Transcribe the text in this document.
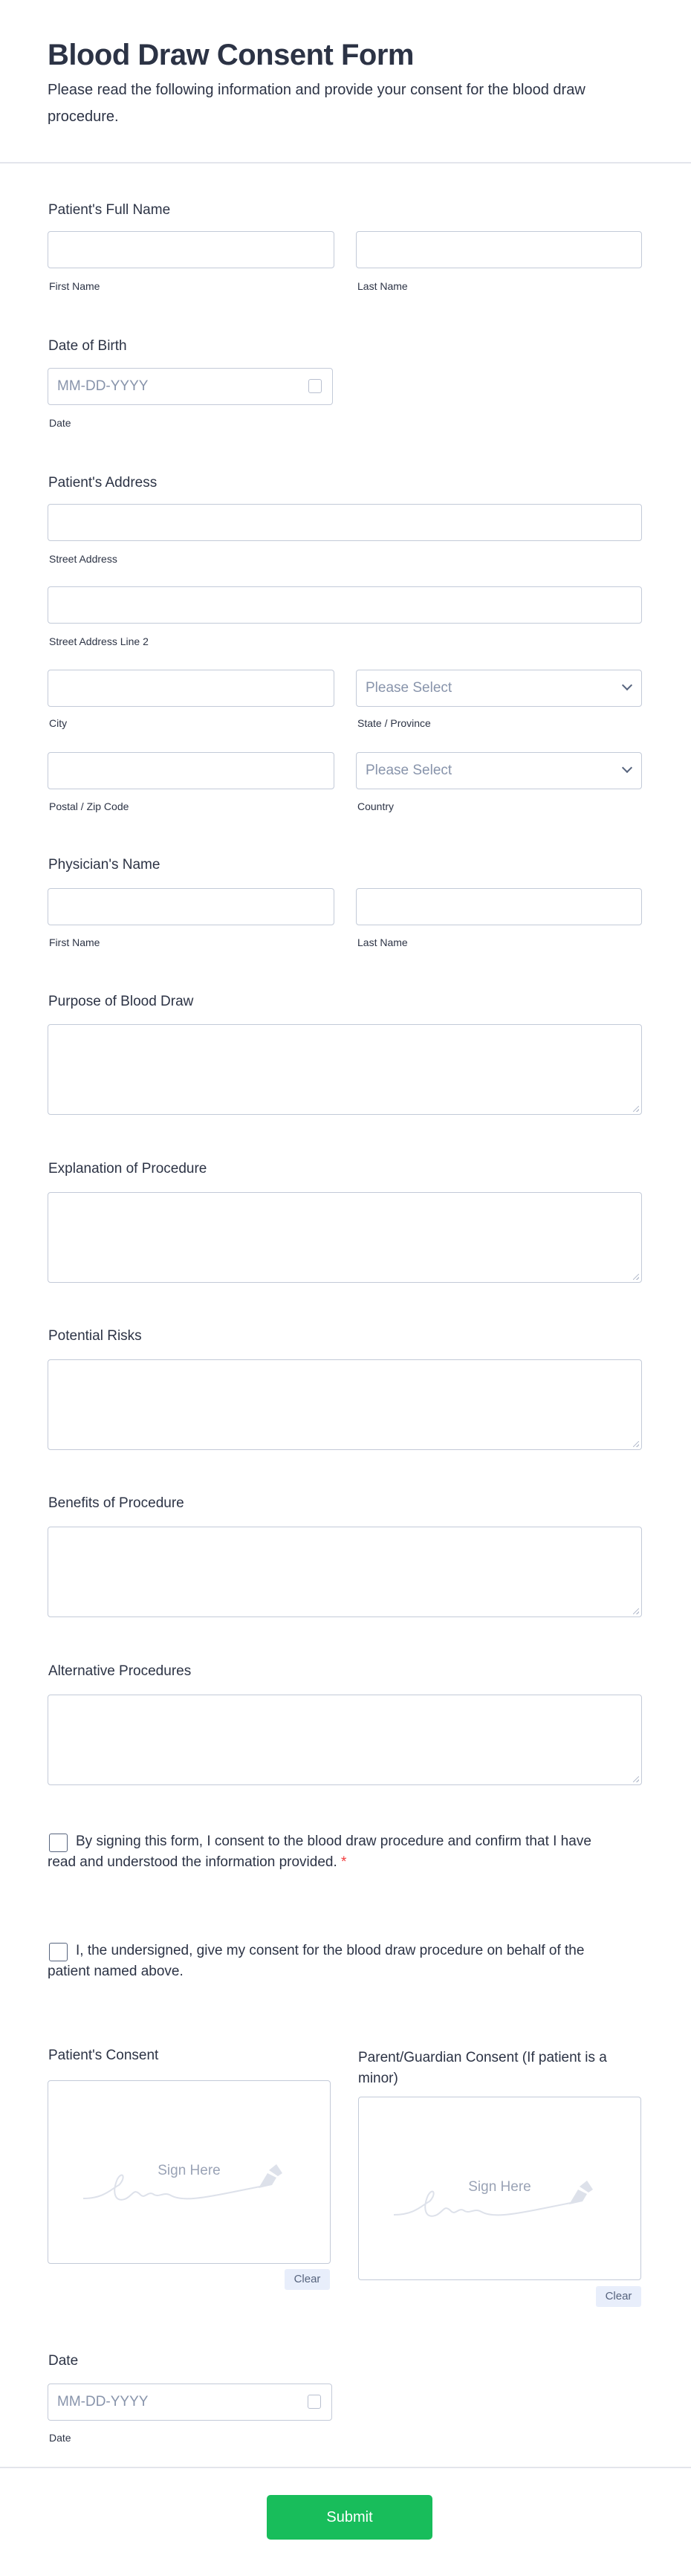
Blood Draw Consent Form
Please read the following information and provide your consent for the blood draw procedure.
Patient's Full Name
First Name	Last Name
Date of Birth
MM-DD-YYYY
Date
Patient's Address
Street Address
Street Address Line 2
Please Select
City	State / Province
Please Select
Postal / Zip Code	Country
Physician's Name
First Name	Last Name
Purpose of Blood Draw
Explanation of Procedure
Potential Risks
Benefits of Procedure
Alternative Procedures
By signing this form, I consent to the blood draw procedure and confirm that I have read and understood the information provided. *
I, the undersigned, give my consent for the blood draw procedure on behalf of the patient named above.
Patient's Consent
Sign Here
Clear
Parent/Guardian Consent (If patient is a minor)
Sign Here
Clear
Date
MM-DD-YYYY
Date
Submit
